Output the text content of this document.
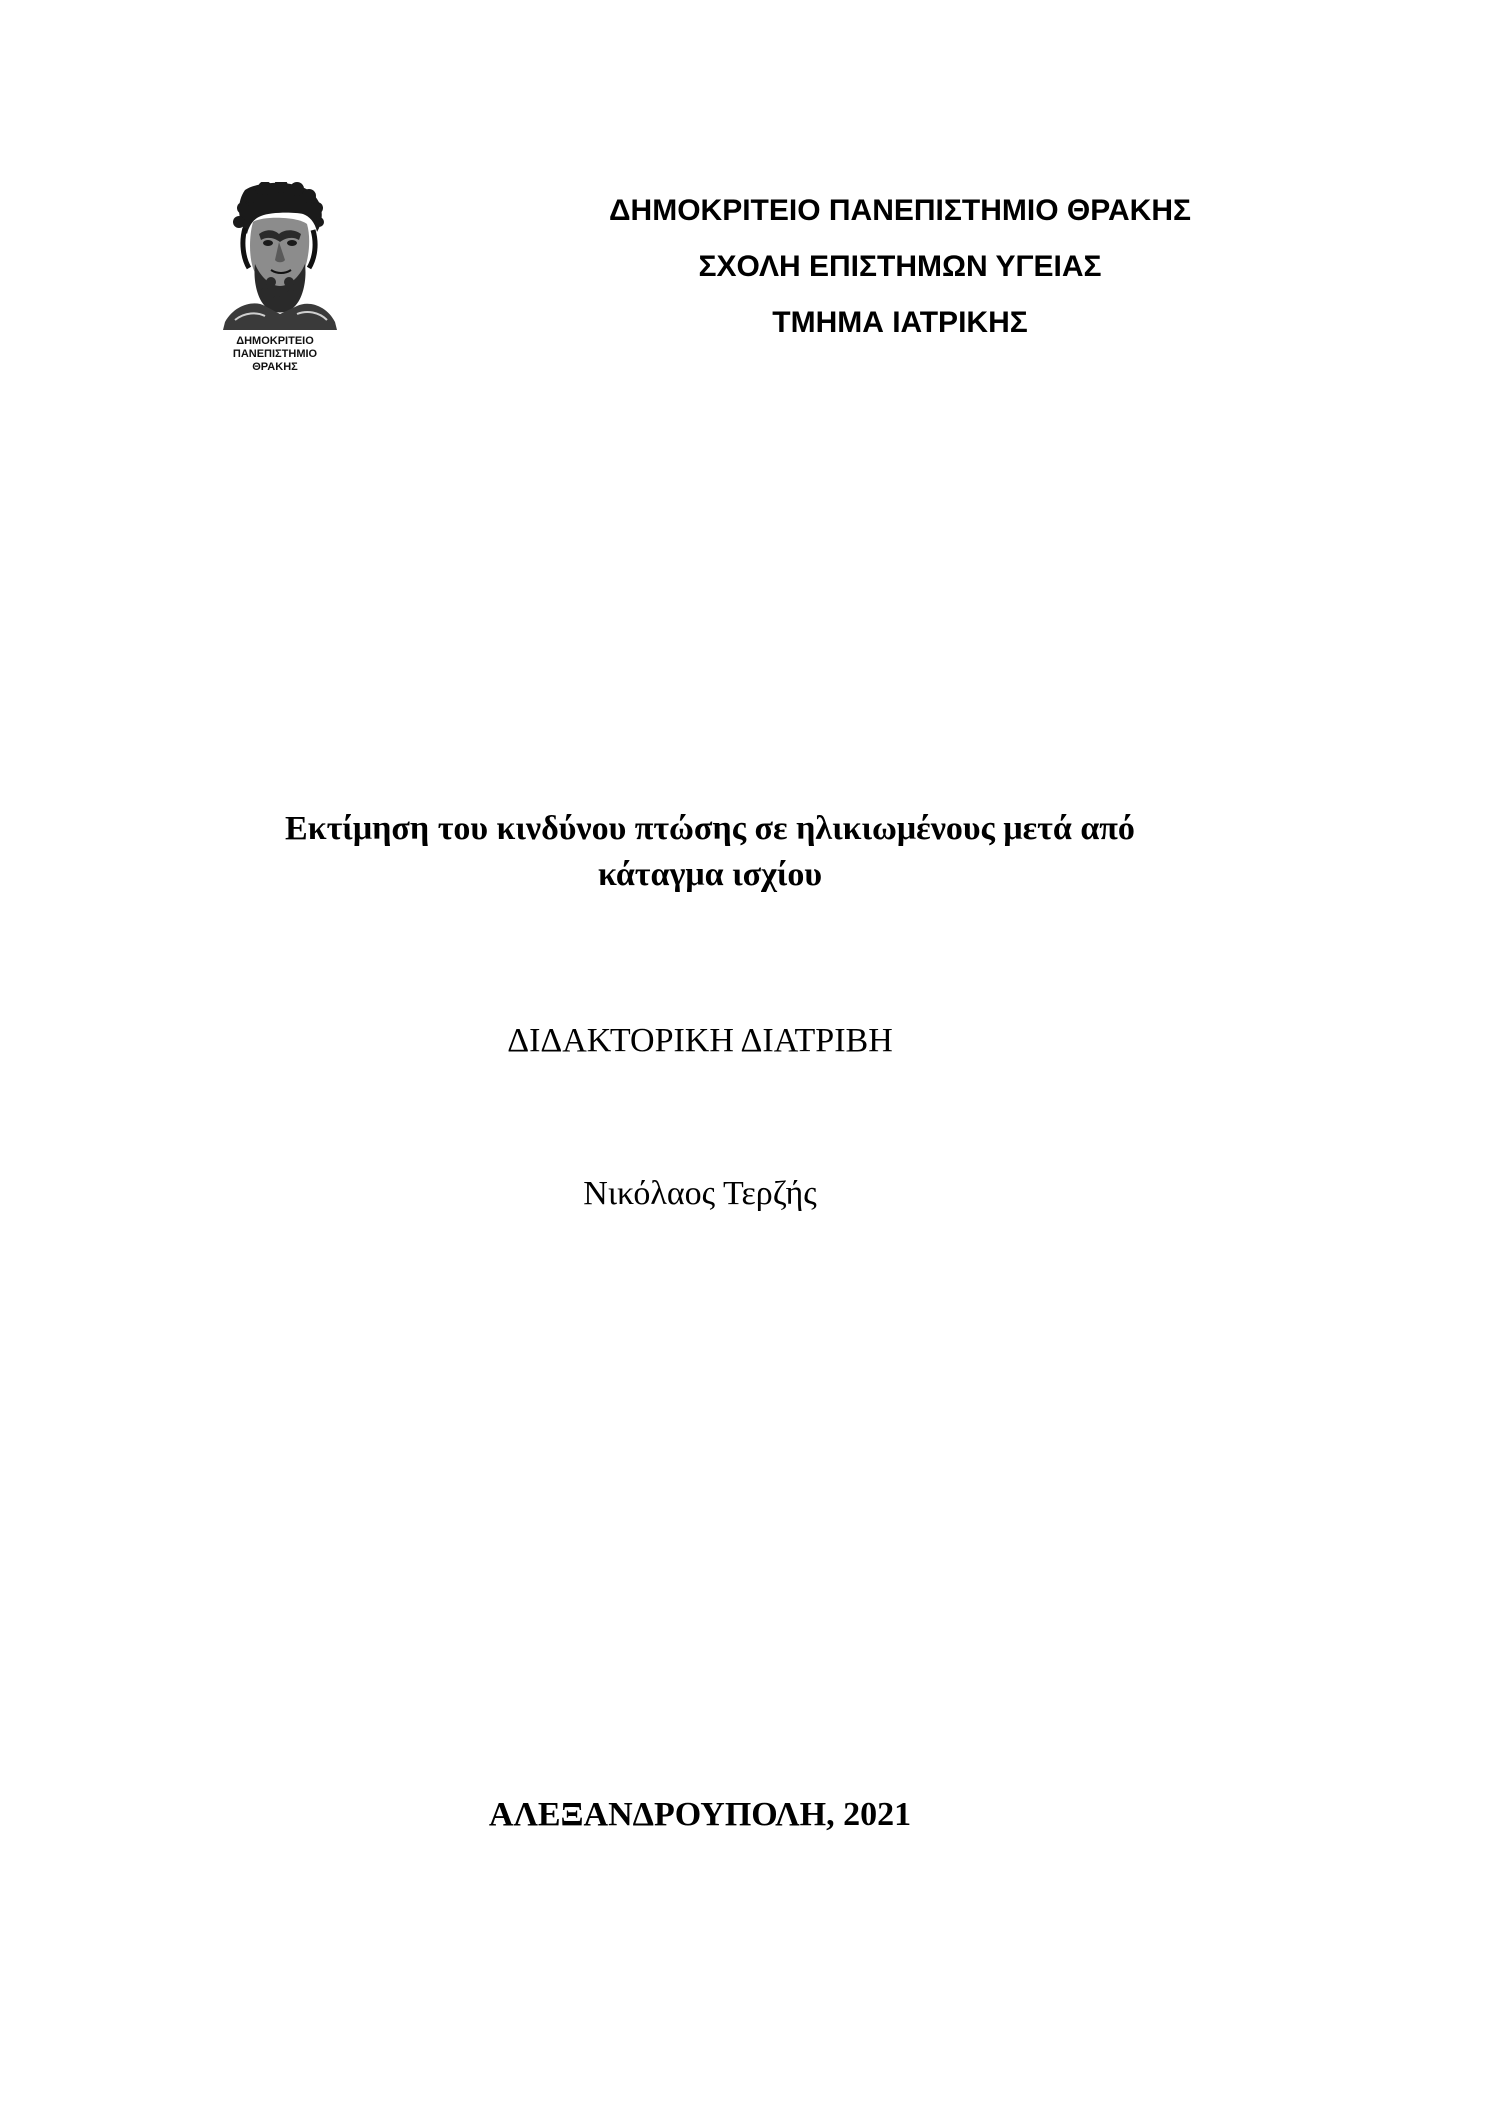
ΔΗΜΟΚΡΙΤΕΙΟ
ΠΑΝΕΠΙΣΤΗΜΙΟ
ΘΡΑΚΗΣ
ΔΗΜΟΚΡΙΤΕΙΟ ΠΑΝΕΠΙΣΤΗΜΙΟ ΘΡΑΚΗΣ
ΣΧΟΛΗ ΕΠΙΣΤΗΜΩΝ ΥΓΕΙΑΣ
ΤΜΗΜΑ ΙΑΤΡΙΚΗΣ
Εκτίμηση του κινδύνου πτώσης σε ηλικιωμένους μετά από
κάταγμα ισχίου
ΔΙΔΑΚΤΟΡΙΚΗ ΔΙΑΤΡΙΒΗ
Νικόλαος Τερζής
ΑΛΕΞΑΝΔΡΟΥΠΟΛΗ, 2021
